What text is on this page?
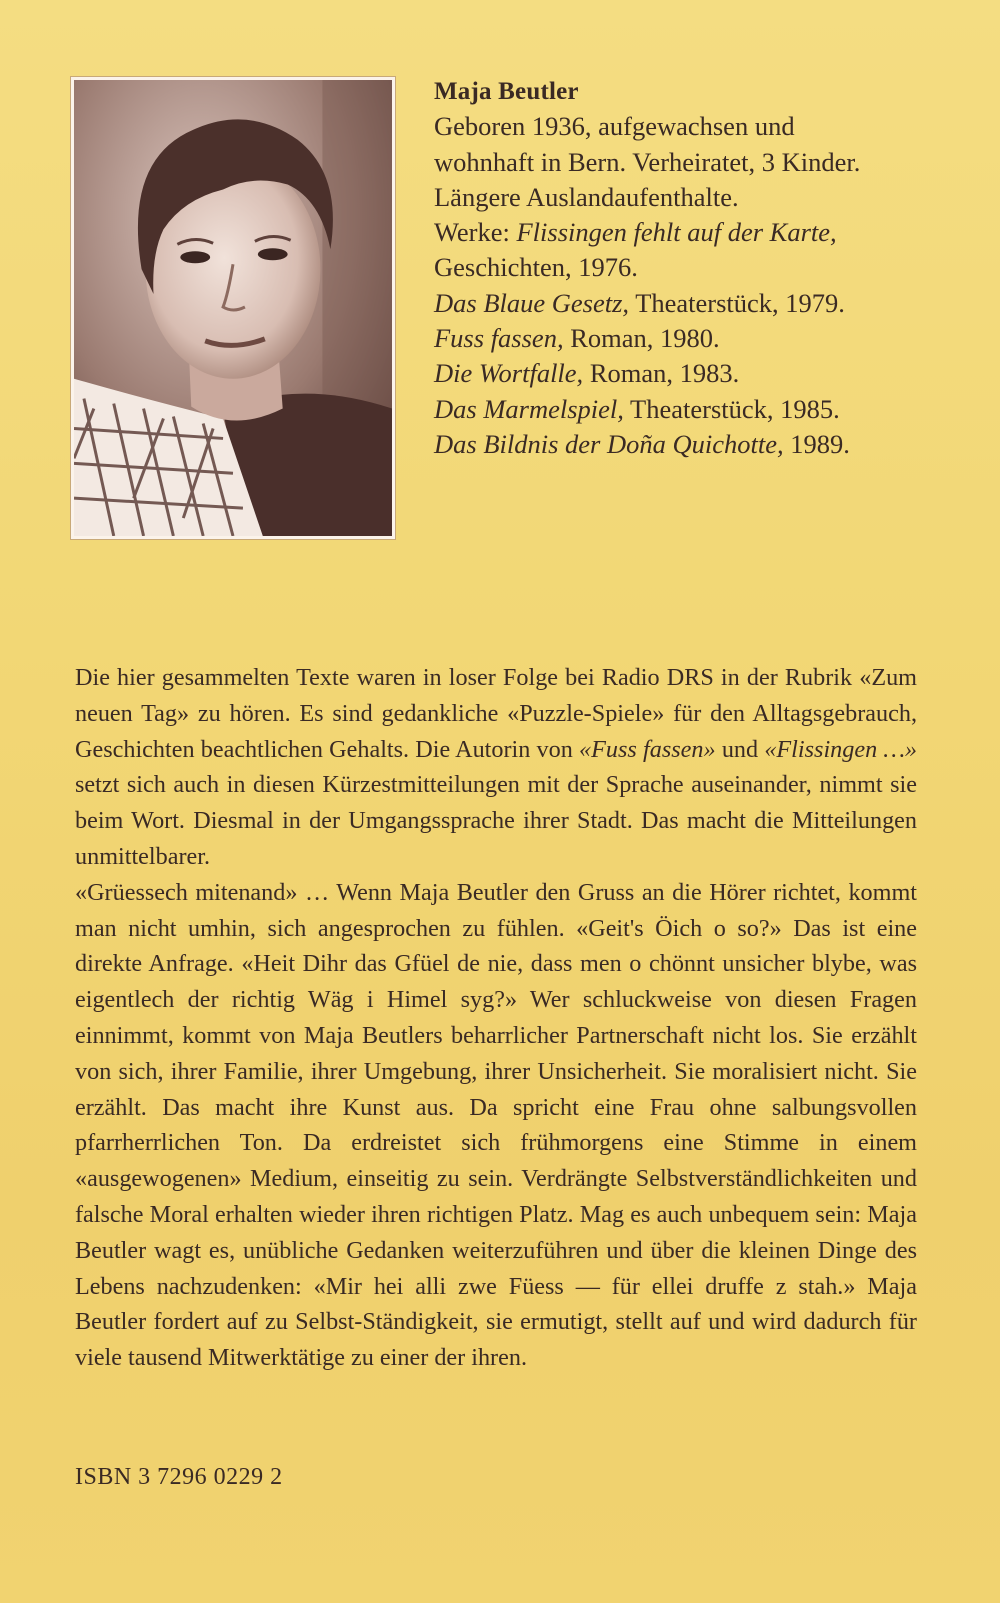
Maja Beutler
Geboren 1936, aufgewachsen und
wohnhaft in Bern. Verheiratet, 3 Kinder.
Längere Auslandaufenthalte.
Werke: Flissingen fehlt auf der Karte,
Geschichten, 1976.
Das Blaue Gesetz, Theaterstück, 1979.
Fuss fassen, Roman, 1980.
Die Wortfalle, Roman, 1983.
Das Marmelspiel, Theaterstück, 1985.
Das Bildnis der Doña Quichotte, 1989.

Die hier gesammelten Texte waren in loser Folge bei Radio DRS in der Rubrik «Zum neuen Tag» zu hören. Es sind gedankliche «Puzzle-Spiele» für den Alltagsgebrauch, Geschichten beachtlichen Gehalts. Die Autorin von «Fuss fassen» und «Flissingen …» setzt sich auch in diesen Kürzestmitteilungen mit der Sprache auseinander, nimmt sie beim Wort. Diesmal in der Umgangssprache ihrer Stadt. Das macht die Mitteilungen unmittelbarer.

«Grüessech mitenand» … Wenn Maja Beutler den Gruss an die Hörer richtet, kommt man nicht umhin, sich angesprochen zu fühlen. «Geit's Öich o so?» Das ist eine direkte Anfrage. «Heit Dihr das Gfüel de nie, dass men o chönnt unsicher blybe, was eigentlech der richtig Wäg i Himel syg?» Wer schluckweise von diesen Fragen einnimmt, kommt von Maja Beutlers beharrlicher Partnerschaft nicht los. Sie erzählt von sich, ihrer Familie, ihrer Umgebung, ihrer Unsicherheit. Sie moralisiert nicht. Sie erzählt. Das macht ihre Kunst aus. Da spricht eine Frau ohne salbungsvollen pfarrherrlichen Ton. Da erdreistet sich frühmorgens eine Stimme in einem «ausgewogenen» Medium, einseitig zu sein. Verdrängte Selbstverständlichkeiten und falsche Moral erhalten wieder ihren richtigen Platz. Mag es auch unbequem sein: Maja Beutler wagt es, unübliche Gedanken weiterzuführen und über die kleinen Dinge des Lebens nachzudenken: «Mir hei alli zwe Füess — für ellei druffe z stah.» Maja Beutler fordert auf zu Selbst-Ständigkeit, sie ermutigt, stellt auf und wird dadurch für viele tausend Mitwerktätige zu einer der ihren.

ISBN 3 7296 0229 2
